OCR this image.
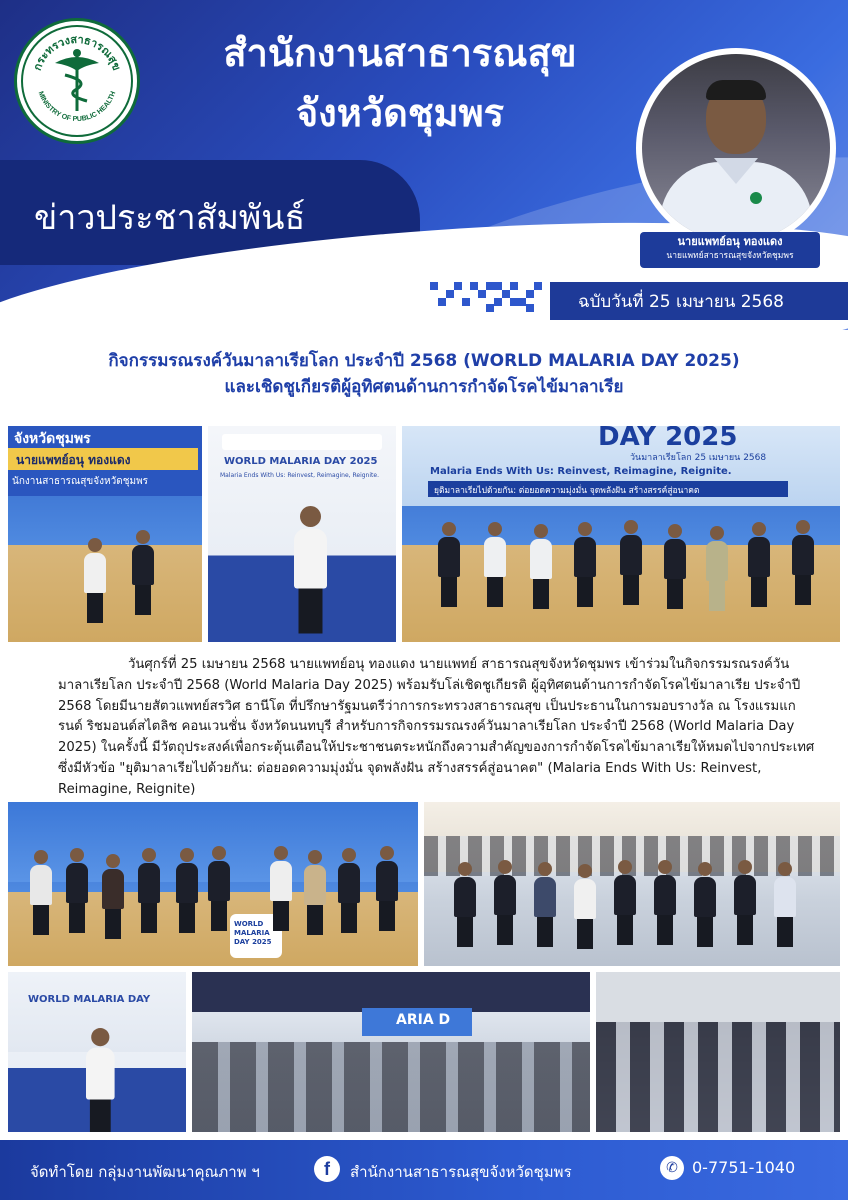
กระทรวงสาธารณสุข
MINISTRY OF PUBLIC HEALTH
สำนักงานสาธารณสุข
จังหวัดชุมพร
ข่าวประชาสัมพันธ์
นายแพทย์อนุ ทองแดง
นายแพทย์สาธารณสุขจังหวัดชุมพร
ฉบับวันที่ 25 เมษายน 2568
กิจกรรมรณรงค์วันมาลาเรียโลก ประจำปี 2568 (WORLD MALARIA DAY 2025)
และเชิดชูเกียรติผู้อุทิศตนด้านการกำจัดโรคไข้มาลาเรีย
จังหวัดชุมพร
นายแพทย์อนุ ทองแดง
นักงานสาธารณสุขจังหวัดชุมพร
WORLD MALARIA DAY 2025
Malaria Ends With Us: Reinvest, Reimagine, Reignite.
DAY 2025
วันมาลาเรียโลก 25 เมษายน 2568
Malaria Ends With Us: Reinvest, Reimagine, Reignite.
ยุติมาลาเรียไปด้วยกัน: ต่อยอดความมุ่งมั่น จุดพลังฝัน สร้างสรรค์สู่อนาคต
วันศุกร์ที่ 25 เมษายน 2568 นายแพทย์อนุ ทองแดง นายแพทย์ สาธารณสุขจังหวัดชุมพร เข้าร่วมในกิจกรรมรณรงค์วันมาลาเรียโลก ประจำปี 2568 (World Malaria Day 2025) พร้อมรับโล่เชิดชูเกียรติ ผู้อุทิศตนด้านการกำจัดโรคไข้มาลาเรีย ประจำปี 2568 โดยมีนายสัตวแพทย์สรวิศ ธานีโต ที่ปรึกษารัฐมนตรีว่าการกระทรวงสาธารณสุข เป็นประธานในการมอบรางวัล ณ โรงแรมแกรนด์ ริชมอนด์สไตลิช คอนเวนชั่น จังหวัดนนทบุรี สำหรับการกิจกรรมรณรงค์วันมาลาเรียโลก ประจำปี 2568 (World Malaria Day 2025) ในครั้งนี้ มีวัตถุประสงค์เพื่อกระตุ้นเตือนให้ประชาชนตระหนักถึงความสำคัญของการกำจัดโรคไข้มาลาเรียให้หมดไปจากประเทศ ซึ่งมีหัวข้อ "ยุติมาลาเรียไปด้วยกัน: ต่อยอดความมุ่งมั่น จุดพลังฝัน สร้างสรรค์สู่อนาคต" (Malaria Ends With Us: Reinvest, Reimagine, Reignite)
WORLD MALARIA DAY 2025
WORLD MALARIA DAY
ARIA D
จัดทำโดย กลุ่มงานพัฒนาคุณภาพ ฯ	f	สำนักงานสาธารณสุขจังหวัดชุมพร	✆ 0-7751-1040
